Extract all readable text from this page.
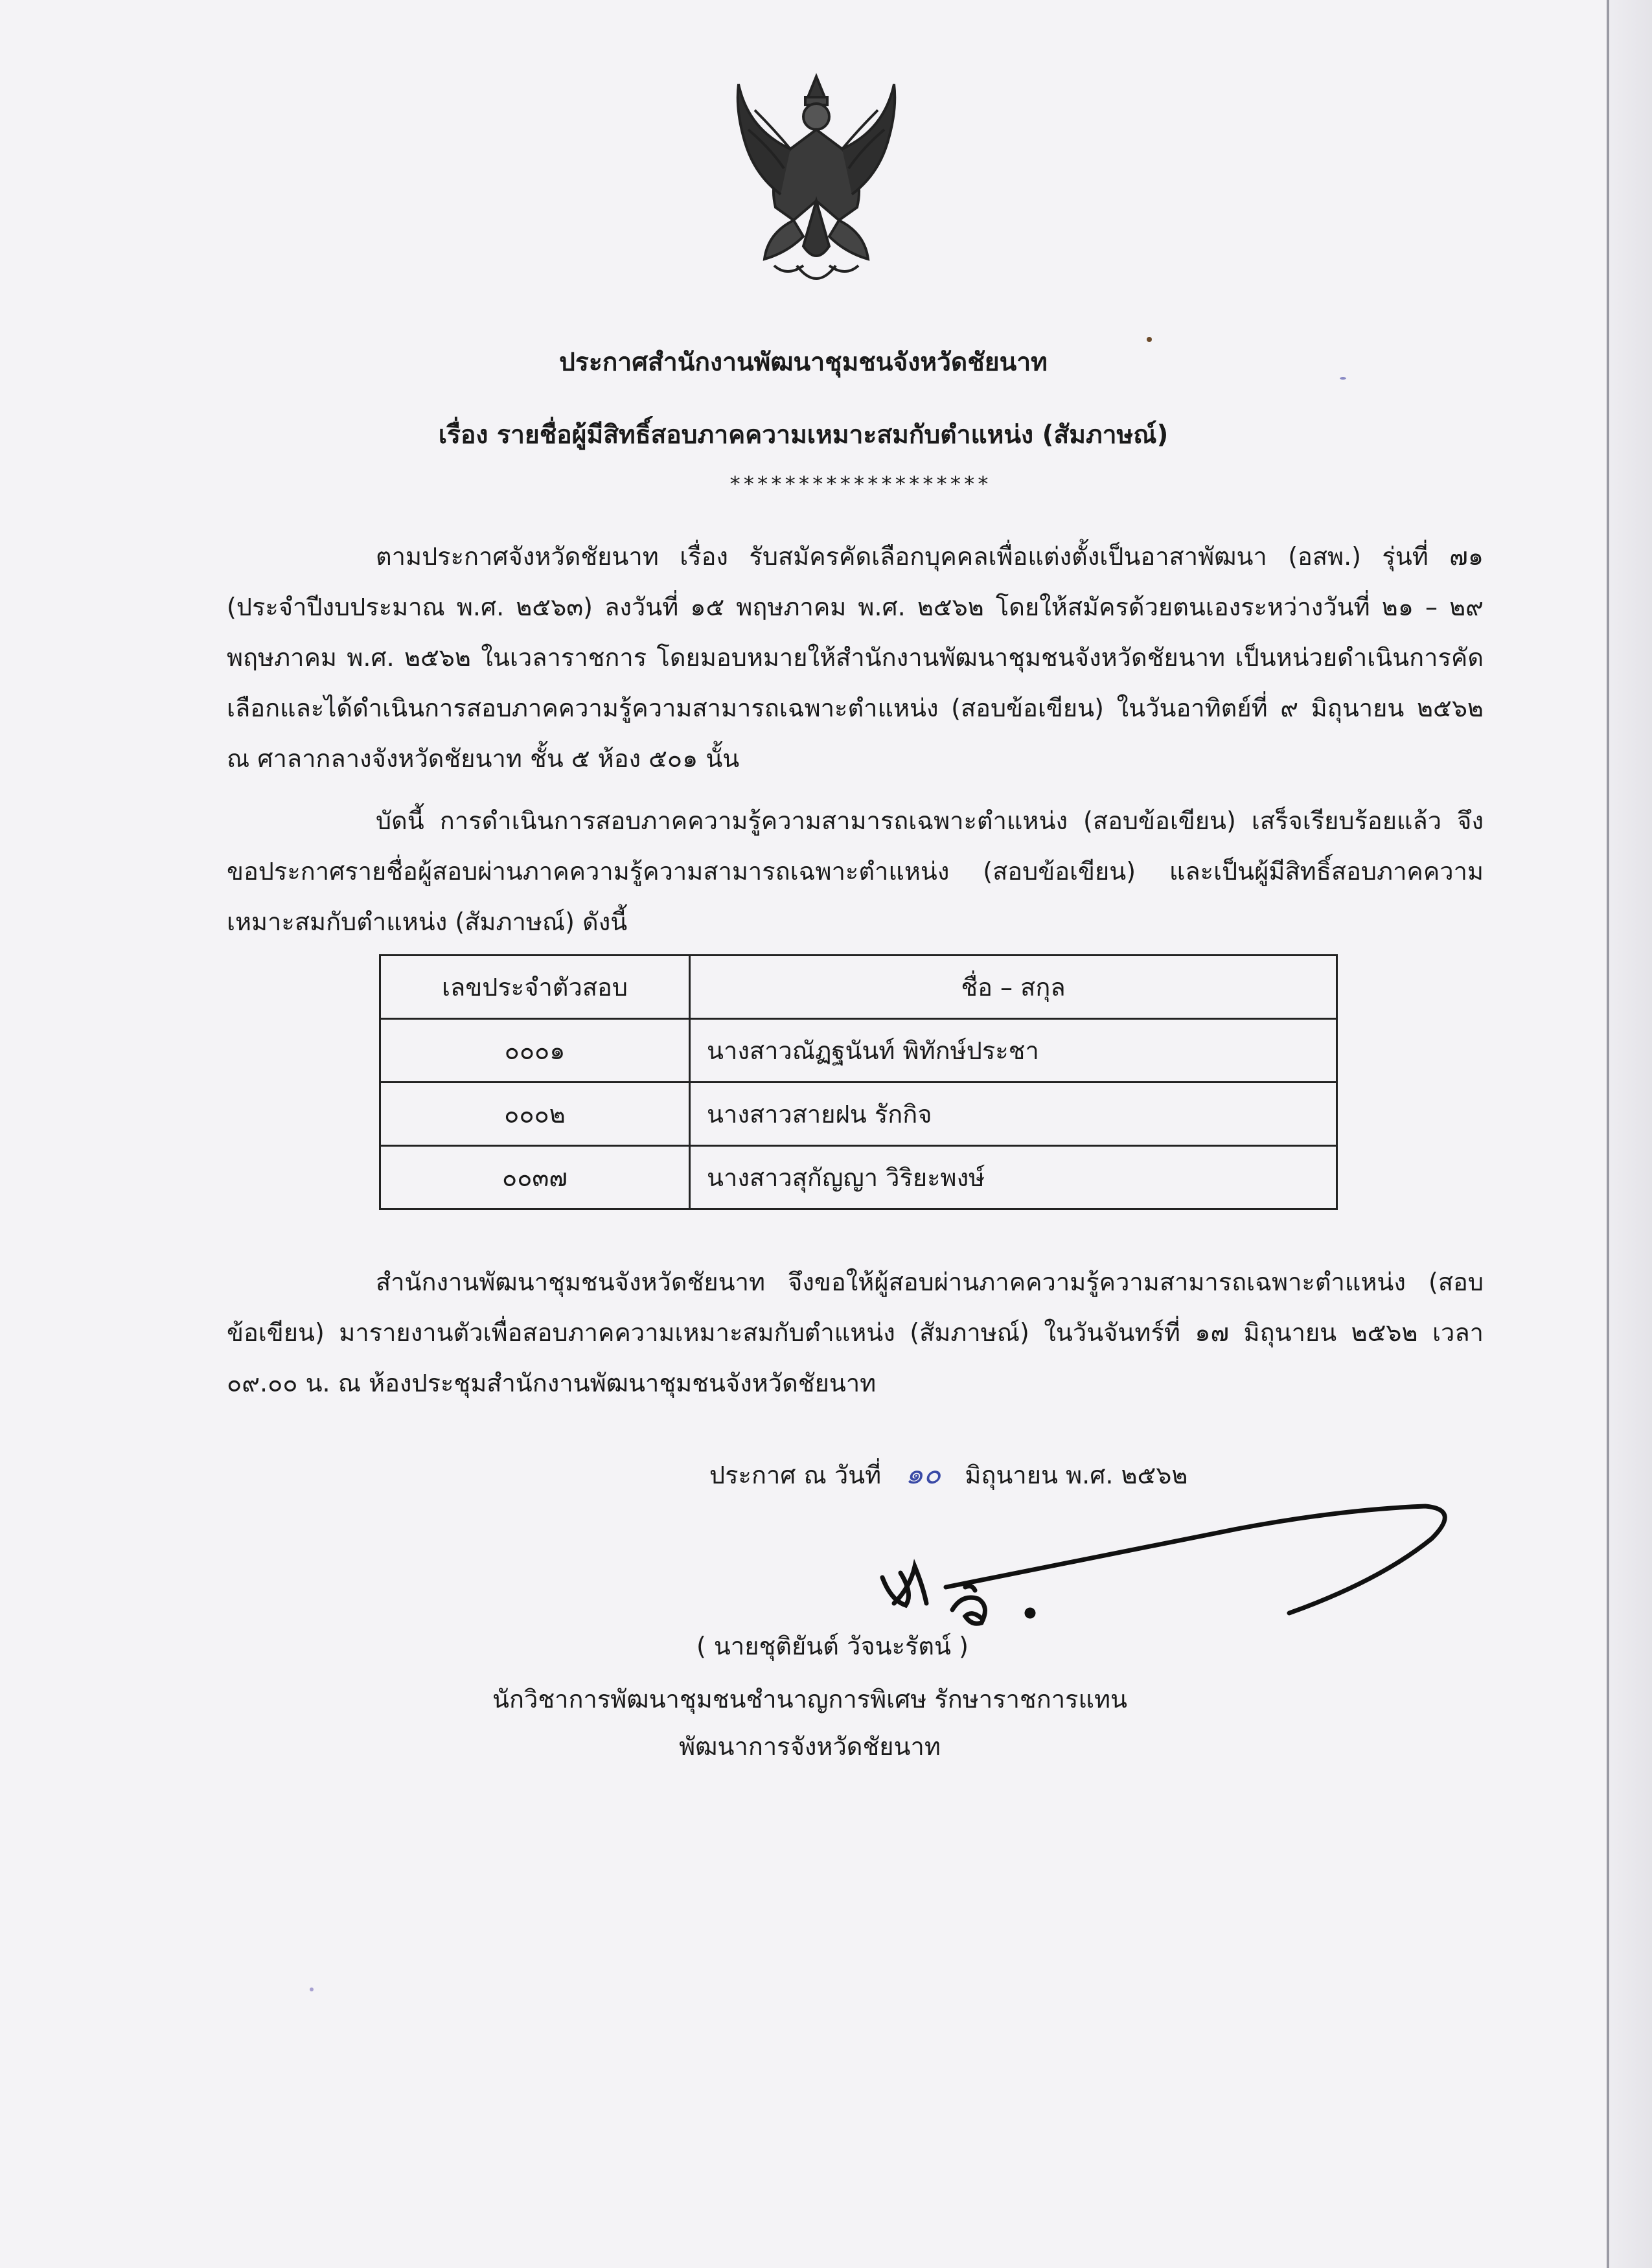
ประกาศสำนักงานพัฒนาชุมชนจังหวัดชัยนาท
เรื่อง รายชื่อผู้มีสิทธิ์สอบภาคความเหมาะสมกับตำแหน่ง (สัมภาษณ์)
*******************

ตามประกาศจังหวัดชัยนาท เรื่อง รับสมัครคัดเลือกบุคคลเพื่อแต่งตั้งเป็นอาสาพัฒนา (อสพ.) รุ่นที่ ๗๑ (ประจำปีงบประมาณ พ.ศ. ๒๕๖๓) ลงวันที่ ๑๕ พฤษภาคม พ.ศ. ๒๕๖๒ โดยให้สมัครด้วยตนเองระหว่างวันที่ ๒๑ – ๒๙ พฤษภาคม พ.ศ. ๒๕๖๒ ในเวลาราชการ โดยมอบหมายให้สำนักงานพัฒนาชุมชนจังหวัดชัยนาท เป็นหน่วยดำเนินการคัดเลือกและได้ดำเนินการสอบภาคความรู้ความสามารถเฉพาะตำแหน่ง (สอบข้อเขียน) ในวันอาทิตย์ที่ ๙ มิถุนายน ๒๕๖๒ ณ ศาลากลางจังหวัดชัยนาท ชั้น ๕ ห้อง ๕๐๑ นั้น

บัดนี้ การดำเนินการสอบภาคความรู้ความสามารถเฉพาะตำแหน่ง (สอบข้อเขียน) เสร็จเรียบร้อยแล้ว จึงขอประกาศรายชื่อผู้สอบผ่านภาคความรู้ความสามารถเฉพาะตำแหน่ง (สอบข้อเขียน) และเป็นผู้มีสิทธิ์สอบภาคความเหมาะสมกับตำแหน่ง (สัมภาษณ์) ดังนี้

เลขประจำตัวสอบ	ชื่อ – สกุล
๐๐๐๑	นางสาวณัฏฐนันท์ พิทักษ์ประชา
๐๐๐๒	นางสาวสายฝน รักกิจ
๐๐๓๗	นางสาวสุกัญญา วิริยะพงษ์

สำนักงานพัฒนาชุมชนจังหวัดชัยนาท จึงขอให้ผู้สอบผ่านภาคความรู้ความสามารถเฉพาะตำแหน่ง (สอบข้อเขียน) มารายงานตัวเพื่อสอบภาคความเหมาะสมกับตำแหน่ง (สัมภาษณ์) ในวันจันทร์ที่ ๑๗ มิถุนายน ๒๕๖๒ เวลา ๐๙.๐๐ น. ณ ห้องประชุมสำนักงานพัฒนาชุมชนจังหวัดชัยนาท

ประกาศ ณ วันที่ ๑๐ มิถุนายน พ.ศ. ๒๕๖๒
( นายชุติยันต์ วัจนะรัตน์ )
นักวิชาการพัฒนาชุมชนชำนาญการพิเศษ รักษาราชการแทน
พัฒนาการจังหวัดชัยนาท
